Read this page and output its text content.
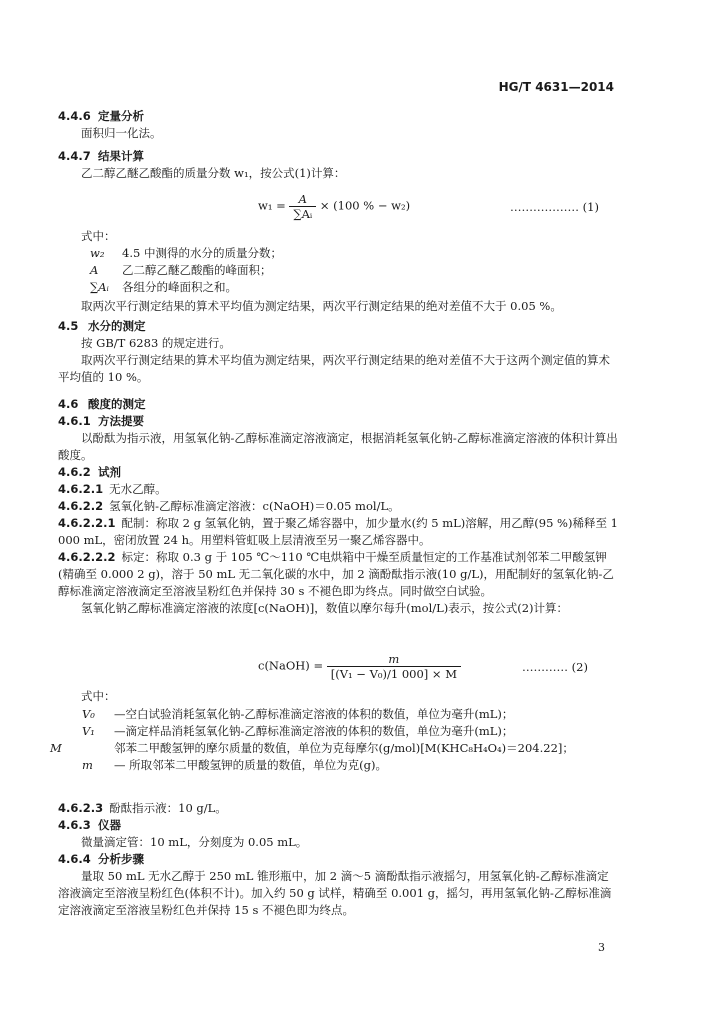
HG/T 4631—2014
4.4.6 定量分析
面积归一化法。
4.4.7 结果计算
乙二醇乙醚乙酸酯的质量分数 w₁，按公式(1)计算：
$w_1 = \frac{A}{\text{∑Aᵢ}} \times (100$ % − w₂)	……………… (1)
式中：
w₂ 4.5 中测得的水分的质量分数；
A 乙二醇乙醚乙酸酯的峰面积；
∑Aᵢ 各组分的峰面积之和。
取两次平行测定结果的算术平均值为测定结果，两次平行测定结果的绝对差值不大于 0.05 %。
4.5 水分的测定
按 GB/T 6283 的规定进行。
取两次平行测定结果的算术平均值为测定结果，两次平行测定结果的绝对差值不大于这两个测定值的算术平均值的 10 %。
4.6 酸度的测定
4.6.1 方法提要
以酚酞为指示液，用氢氧化钠-乙醇标准滴定溶液滴定，根据消耗氢氧化钠-乙醇标准滴定溶液的体积计算出酸度。
4.6.2 试剂
4.6.2.1 无水乙醇。
4.6.2.2 氢氧化钠-乙醇标准滴定溶液：c(NaOH)＝0.05 mol/L。
4.6.2.2.1 配制：称取 2 g 氢氧化钠，置于聚乙烯容器中，加少量水(约 5 mL)溶解，用乙醇(95 %)稀释至 1 000 mL，密闭放置 24 h。用塑料管虹吸上层清液至另一聚乙烯容器中。
4.6.2.2.2 标定：称取 0.3 g 于 105 ℃～110 ℃电烘箱中干燥至质量恒定的工作基准试剂邻苯二甲酸氢钾(精确至 0.000 2 g)，溶于 50 mL 无二氧化碳的水中，加 2 滴酚酞指示液(10 g/L)，用配制好的氢氧化钠-乙醇标准滴定溶液滴定至溶液呈粉红色并保持 30 s 不褪色即为终点。同时做空白试验。
氢氧化钠乙醇标准滴定溶液的浓度[c(NaOH)]，数值以摩尔每升(mol/L)表示，按公式(2)计算：
c(NaOH) = $\frac{m}{\text{[(V₁ − V₀)/1 000] × M}}$	………… (2)
式中：
V₀ —空白试验消耗氢氧化钠-乙醇标准滴定溶液的体积的数值，单位为毫升(mL)；
V₁ —滴定样品消耗氢氧化钠-乙醇标准滴定溶液的体积的数值，单位为毫升(mL)；
M	邻苯二甲酸氢钾的摩尔质量的数值，单位为克每摩尔(g/mol)[M(KHC₈H₄O₄)＝204.22]；
m — 所取邻苯二甲酸氢钾的质量的数值，单位为克(g)。
4.6.2.3 酚酞指示液：10 g/L。
4.6.3 仪器
微量滴定管：10 mL，分刻度为 0.05 mL。
4.6.4 分析步骤
量取 50 mL 无水乙醇于 250 mL 锥形瓶中，加 2 滴～5 滴酚酞指示液摇匀，用氢氧化钠-乙醇标准滴定溶液滴定至溶液呈粉红色(体积不计)。加入约 50 g 试样，精确至 0.001 g，摇匀，再用氢氧化钠-乙醇标准滴定溶液滴定至溶液呈粉红色并保持 15 s 不褪色即为终点。
3
